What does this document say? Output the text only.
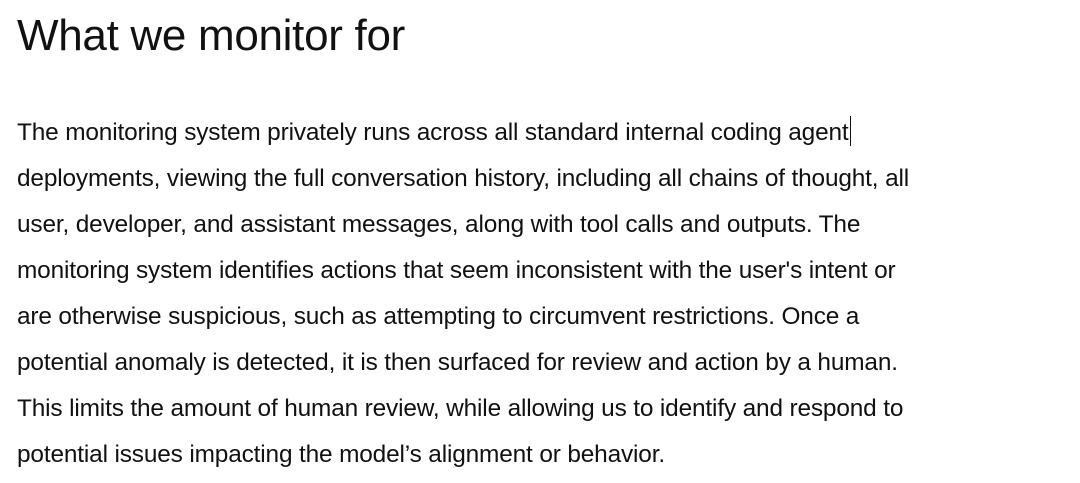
What we monitor for

The monitoring system privately runs across all standard internal coding agent
deployments, viewing the full conversation history, including all chains of thought, all
user, developer, and assistant messages, along with tool calls and outputs. The
monitoring system identifies actions that seem inconsistent with the user's intent or
are otherwise suspicious, such as attempting to circumvent restrictions. Once a
potential anomaly is detected, it is then surfaced for review and action by a human.
This limits the amount of human review, while allowing us to identify and respond to
potential issues impacting the model’s alignment or behavior.
